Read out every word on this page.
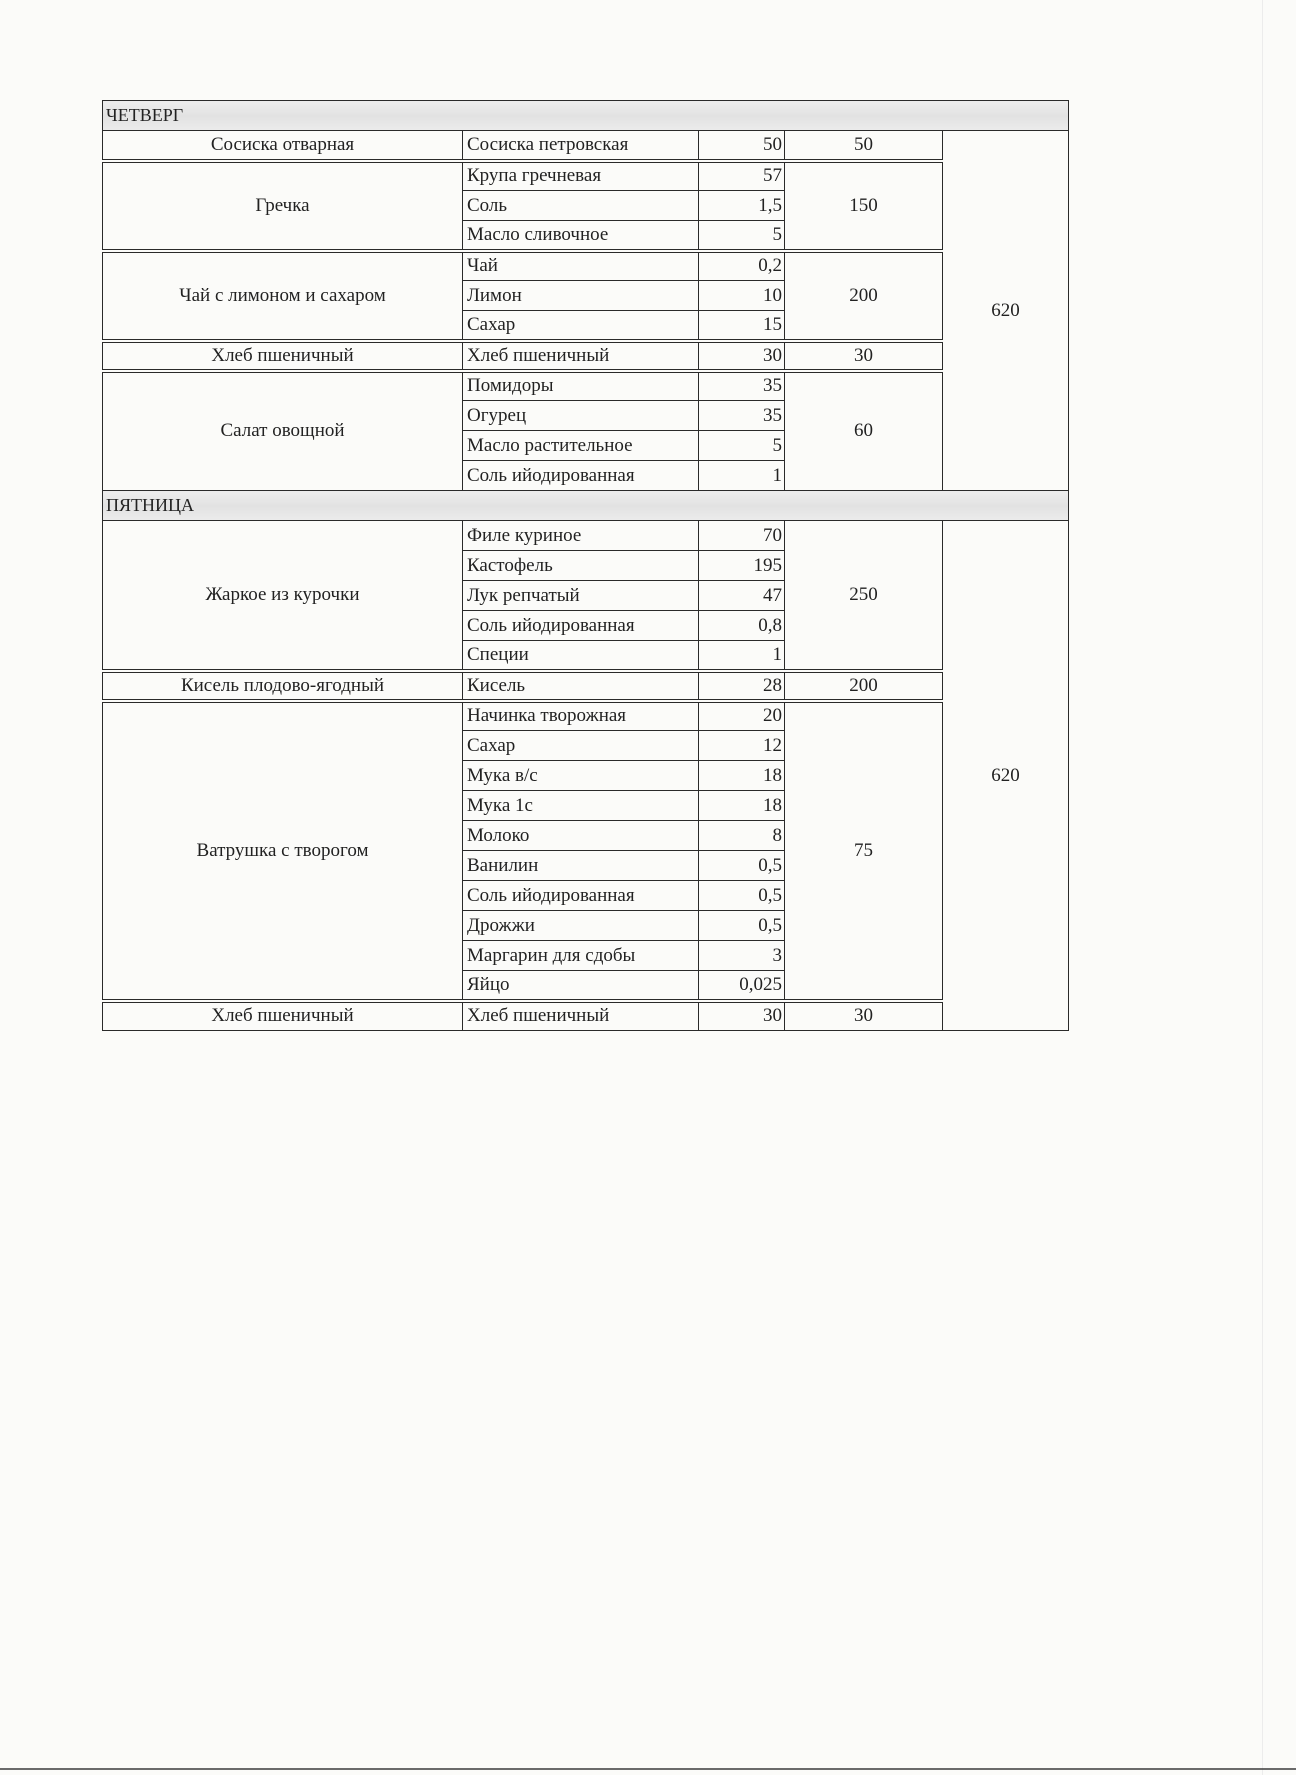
ЧЕТВЕРГ				
Сосиска отварная	Сосиска петровская	50	50	620
Гречка	Крупа гречневая	57	150	
	Соль	1,5		
	Масло сливочное	5		
Чай с лимоном и сахаром	Чай	0,2	200	
	Лимон	10		
	Сахар	15		
Хлеб пшеничный	Хлеб пшеничный	30	30	
Салат овощной	Помидоры	35	60	
	Огурец	35		
	Масло растительное	5		
	Соль ийодированная	1		
ПЯТНИЦА				
Жаркое из курочки	Филе куриное	70	250	620
	Кастофель	195		
	Лук репчатый	47		
	Соль ийодированная	0,8		
	Специи	1		
Кисель плодово-ягодный	Кисель	28	200	
Ватрушка с творогом	Начинка творожная	20	75	
	Сахар	12		
	Мука в/с	18		
	Мука 1с	18		
	Молоко	8		
	Ванилин	0,5		
	Соль ийодированная	0,5		
	Дрожжи	0,5		
	Маргарин для сдобы	3		
	Яйцо	0,025		
Хлеб пшеничный	Хлеб пшеничный	30	30	
